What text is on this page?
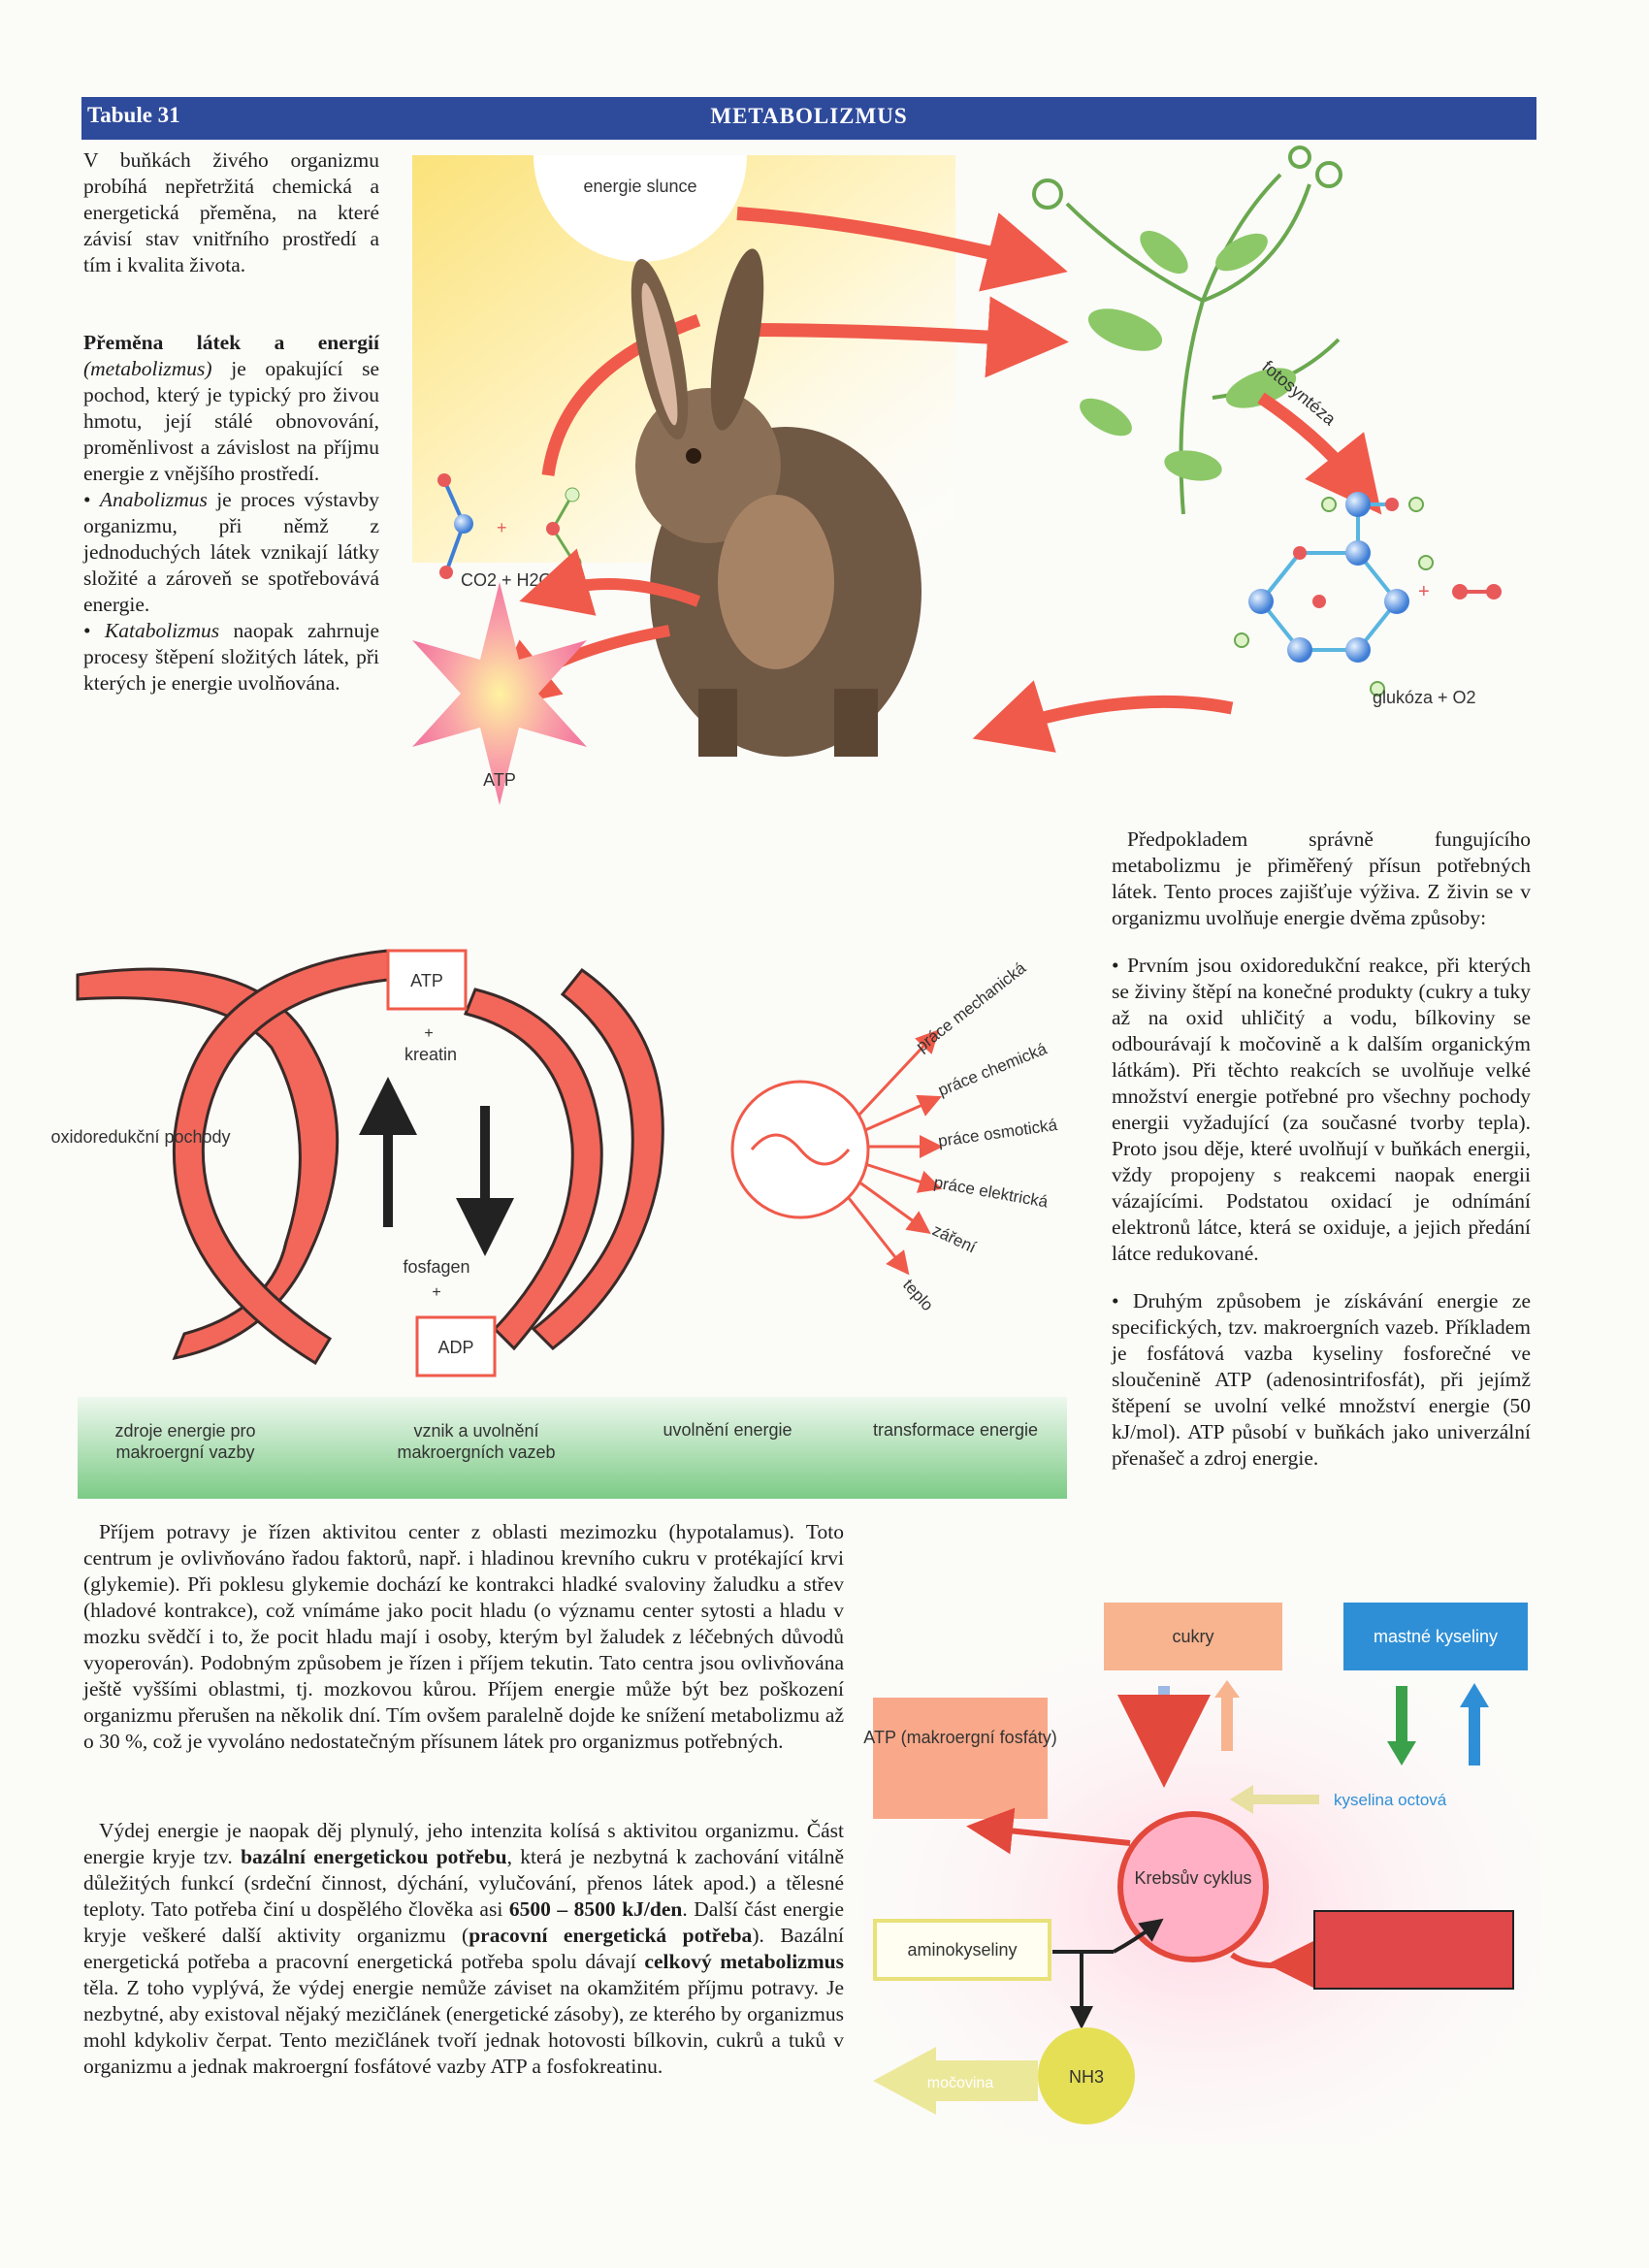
Tabule 31	METABOLIZMUS

V buňkách živého organizmu probíhá nepřetržitá chemická a energetická přeměna, na které závisí stav vnitřního prostředí a tím i kvalita života.

Přeměna látek a energií (metabolizmus) je opakující se pochod, který je typický pro živou hmotu, její stálé obnovování, proměnlivost a závislost na příjmu energie z vnějšího prostředí.

• Anabolizmus je proces výstavby organizmu, při němž z jednoduchých látek vznikají látky složité a zároveň se spotřebovává energie.

• Katabolizmus naopak zahrnuje procesy štěpení složitých látek, při kterých je energie uvolňována.

energie slunce
fotosyntéza
+
CO2 + H2O
+
glukóza + O2
ATP

Předpokladem správně fungujícího metabolizmu je přiměřený přísun potřebných látek. Tento proces zajišťuje výživa. Z živin se v organizmu uvolňuje energie dvěma způsoby:

• Prvním jsou oxidoredukční reakce, při kterých se živiny štěpí na konečné produkty (cukry a tuky až na oxid uhličitý a vodu, bílkoviny se odbourávají k močovině a k dalším organickým látkám). Při těchto reakcích se uvolňuje velké množství energie potřebné pro všechny pochody energii vyžadující (za současné tvorby tepla). Proto jsou děje, které uvolňují v buňkách energii, vždy propojeny s reakcemi naopak energii vázajícími. Podstatou oxidací je odnímání elektronů látce, která se oxiduje, a jejich předání látce redukované.

• Druhým způsobem je získávání energie ze specifických, tzv. makroergních vazeb. Příkladem je fosfátová vazba kyseliny fosforečné ve sloučenině ATP (adenosintrifosfát), při jejímž štěpení se uvolní velké množství energie (50 kJ/mol). ATP působí v buňkách jako univerzální přenašeč a zdroj energie.

oxidoredukční pochody
ATP
+
kreatin
fosfagen
+
ADP
práce mechanická
práce chemická
práce osmotická
práce elektrická
záření
teplo
zdroje energie pro makroergní vazby
vznik a uvolnění makroergních vazeb
uvolnění energie	transformace energie

Příjem potravy je řízen aktivitou center z oblasti mezimozku (hypotalamus). Toto centrum je ovlivňováno řadou faktorů, např. i hladinou krevního cukru v protékající krvi (glykemie). Při poklesu glykemie dochází ke kontrakci hladké svaloviny žaludku a střev (hladové kontrakce), což vnímáme jako pocit hladu (o významu center sytosti a hladu v mozku svědčí i to, že pocit hladu mají i osoby, kterým byl žaludek z léčebných důvodů vyoperován). Podobným způsobem je řízen i příjem tekutin. Tato centra jsou ovlivňována ještě vyššími oblastmi, tj. mozkovou kůrou. Příjem energie může být bez poškození organizmu přerušen na několik dní. Tím ovšem paralelně dojde ke snížení metabolizmu až o 30 %, což je vyvoláno nedostatečným přísunem látek pro organizmus potřebných.

Výdej energie je naopak děj plynulý, jeho intenzita kolísá s aktivitou organizmu. Část energie kryje tzv. bazální energetickou potřebu, která je nezbytná k zachování vitálně důležitých funkcí (srdeční činnost, dýchání, vylučování, přenos látek apod.) a tělesné teploty. Tato potřeba činí u dospělého člověka asi 6500 – 8500 kJ/den. Další část energie kryje veškeré další aktivity organizmu (pracovní energetická potřeba). Bazální energetická potřeba a pracovní energetická potřeba spolu dávají celkový metabolizmus těla. Z toho vyplývá, že výdej energie nemůže záviset na okamžitém příjmu potravy. Je nezbytné, aby existoval nějaký mezičlánek (energetické zásoby), ze kterého by organizmus mohl kdykoliv čerpat. Tento mezičlánek tvoří jednak hotovosti bílkovin, cukrů a tuků v organizmu a jednak makroergní fosfátové vazby ATP a fosfokreatinu.

cukry	mastné kyseliny
ATP (makroergní fosfáty)
kyselina octová
Krebsův cyklus
aminokyseliny
NH3
močovina
